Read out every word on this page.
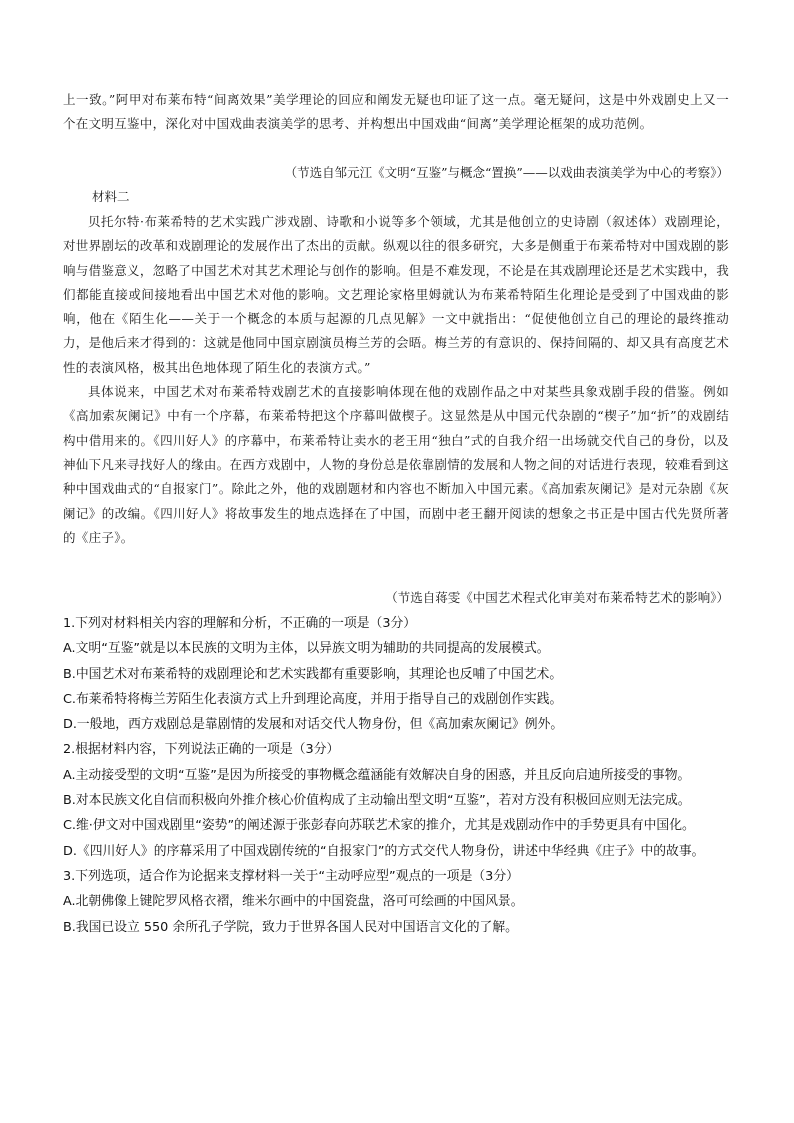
上一致。”阿甲对布莱布特“间离效果”美学理论的回应和阐发无疑也印证了这一点。毫无疑问，这是中外戏剧史上又一个在文明互鉴中，深化对中国戏曲表演美学的思考、并构想出中国戏曲“间离”美学理论框架的成功范例。

（节选自邹元江《文明“互鉴”与概念“置换”——以戏曲表演美学为中心的考察》）
材料二

贝托尔特·布莱希特的艺术实践广涉戏剧、诗歌和小说等多个领域，尤其是他创立的史诗剧（叙述体）戏剧理论，对世界剧坛的改革和戏剧理论的发展作出了杰出的贡献。纵观以往的很多研究，大多是侧重于布莱希特对中国戏剧的影响与借鉴意义，忽略了中国艺术对其艺术理论与创作的影响。但是不难发现，不论是在其戏剧理论还是艺术实践中，我们都能直接或间接地看出中国艺术对他的影响。文艺理论家格里姆就认为布莱希特陌生化理论是受到了中国戏曲的影响，他在《陌生化——关于一个概念的本质与起源的几点见解》一文中就指出：“促使他创立自己的理论的最终推动力，是他后来才得到的：这就是他同中国京剧演员梅兰芳的会晤。梅兰芳的有意识的、保持间隔的、却又具有高度艺术性的表演风格，极其出色地体现了陌生化的表演方式。”

具体说来，中国艺术对布莱希特戏剧艺术的直接影响体现在他的戏剧作品之中对某些具象戏剧手段的借鉴。例如《高加索灰阑记》中有一个序幕，布莱希特把这个序幕叫做楔子。这显然是从中国元代杂剧的“楔子”加“折”的戏剧结构中借用来的。《四川好人》的序幕中，布莱希特让卖水的老王用“独白”式的自我介绍一出场就交代自己的身份，以及神仙下凡来寻找好人的缘由。在西方戏剧中，人物的身份总是依靠剧情的发展和人物之间的对话进行表现，较难看到这种中国戏曲式的“自报家门”。除此之外，他的戏剧题材和内容也不断加入中国元素。《高加索灰阑记》是对元杂剧《灰阑记》的改编。《四川好人》将故事发生的地点选择在了中国，而剧中老王翻开阅读的想象之书正是中国古代先贤所著的《庄子》。

（节选自蒋雯《中国艺术程式化审美对布莱希特艺术的影响》）

1.下列对材料相关内容的理解和分析，不正确的一项是（3分）

A.文明“互鉴”就是以本民族的文明为主体，以异族文明为辅助的共同提高的发展模式。

B.中国艺术对布莱希特的戏剧理论和艺术实践都有重要影响，其理论也反哺了中国艺术。

C.布莱希特将梅兰芳陌生化表演方式上升到理论高度，并用于指导自己的戏剧创作实践。

D.一般地，西方戏剧总是靠剧情的发展和对话交代人物身份，但《高加索灰阑记》例外。

2.根据材料内容，下列说法正确的一项是（3分）

A.主动接受型的文明“互鉴”是因为所接受的事物概念蕴涵能有效解决自身的困惑，并且反向启迪所接受的事物。

B.对本民族文化自信而积极向外推介核心价值构成了主动输出型文明“互鉴”，若对方没有积极回应则无法完成。

C.维·伊文对中国戏剧里“姿势”的阐述源于张彭春向苏联艺术家的推介，尤其是戏剧动作中的手势更具有中国化。

D.《四川好人》的序幕采用了中国戏剧传统的“自报家门”的方式交代人物身份，讲述中华经典《庄子》中的故事。

3.下列选项，适合作为论据来支撑材料一关于“主动呼应型”观点的一项是（3分）

A.北朝佛像上键陀罗风格衣褶，维米尔画中的中国瓷盘，洛可可绘画的中国风景。

B.我国已设立 550 余所孔子学院，致力于世界各国人民对中国语言文化的了解。
